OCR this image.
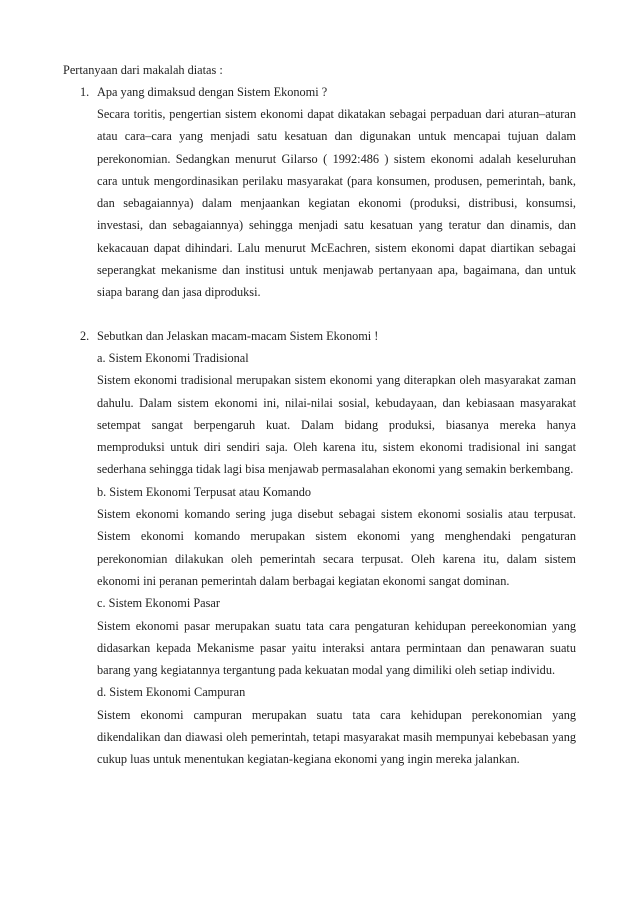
Pertanyaan dari makalah diatas :
1. Apa yang dimaksud dengan Sistem Ekonomi ?

Secara toritis, pengertian sistem ekonomi dapat dikatakan sebagai perpaduan dari aturan–aturan atau cara–cara yang menjadi satu kesatuan dan digunakan untuk mencapai tujuan dalam perekonomian. Sedangkan menurut Gilarso ( 1992:486 ) sistem ekonomi adalah keseluruhan cara untuk mengordinasikan perilaku masyarakat (para konsumen, produsen, pemerintah, bank, dan sebagaiannya) dalam menjaankan kegiatan ekonomi (produksi, distribusi, konsumsi, investasi, dan sebagaiannya) sehingga menjadi satu kesatuan yang teratur dan dinamis, dan kekacauan dapat dihindari. Lalu menurut McEachren, sistem ekonomi dapat diartikan sebagai seperangkat mekanisme dan institusi untuk menjawab pertanyaan apa, bagaimana, dan untuk siapa barang dan jasa diproduksi.

2. Sebutkan dan Jelaskan macam-macam Sistem Ekonomi !

a. Sistem Ekonomi Tradisional

Sistem ekonomi tradisional merupakan sistem ekonomi yang diterapkan oleh masyarakat zaman dahulu. Dalam sistem ekonomi ini, nilai-nilai sosial, kebudayaan, dan kebiasaan masyarakat setempat sangat berpengaruh kuat. Dalam bidang produksi, biasanya mereka hanya memproduksi untuk diri sendiri saja. Oleh karena itu, sistem ekonomi tradisional ini sangat sederhana sehingga tidak lagi bisa menjawab permasalahan ekonomi yang semakin berkembang.

b. Sistem Ekonomi Terpusat atau Komando

Sistem ekonomi komando sering juga disebut sebagai sistem ekonomi sosialis atau terpusat. Sistem ekonomi komando merupakan sistem ekonomi yang menghendaki pengaturan perekonomian dilakukan oleh pemerintah secara terpusat. Oleh karena itu, dalam sistem ekonomi ini peranan pemerintah dalam berbagai kegiatan ekonomi sangat dominan.

c. Sistem Ekonomi Pasar

Sistem ekonomi pasar merupakan suatu tata cara pengaturan kehidupan pereekonomian yang didasarkan kepada Mekanisme pasar yaitu interaksi antara permintaan dan penawaran suatu barang yang kegiatannya tergantung pada kekuatan modal yang dimiliki oleh setiap individu.

d. Sistem Ekonomi Campuran

Sistem ekonomi campuran merupakan suatu tata cara kehidupan perekonomian yang dikendalikan dan diawasi oleh pemerintah, tetapi masyarakat masih mempunyai kebebasan yang cukup luas untuk menentukan kegiatan-kegiana ekonomi yang ingin mereka jalankan.
